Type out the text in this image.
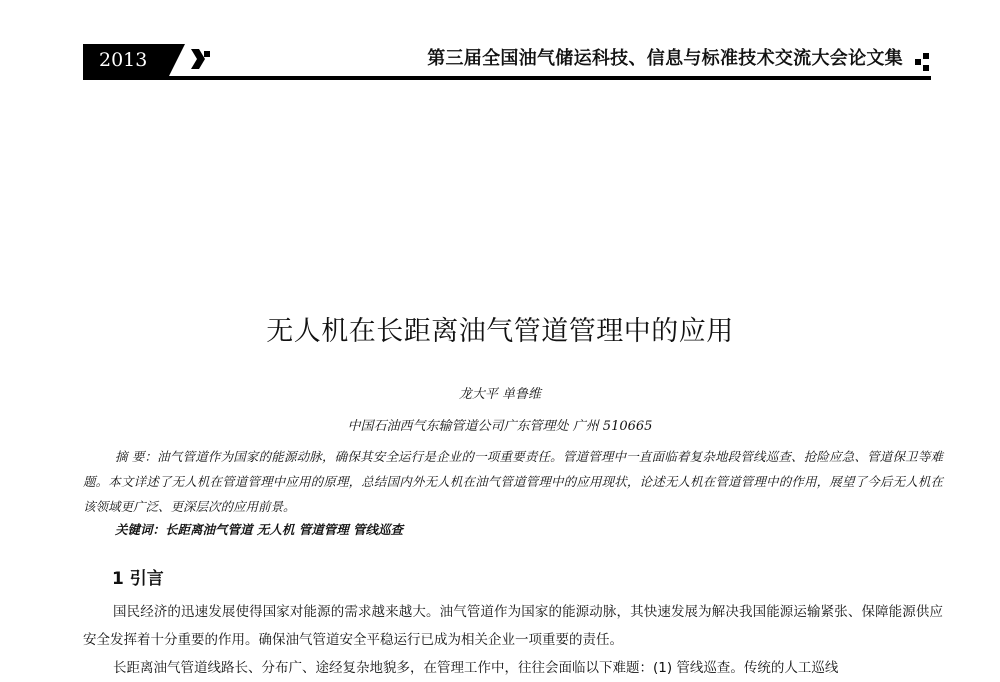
2013	第三届全国油气储运科技、信息与标准技术交流大会论文集
无人机在长距离油气管道管理中的应用
龙大平 单鲁维
中国石油西气东输管道公司广东管理处 广州 510665
摘 要：油气管道作为国家的能源动脉，确保其安全运行是企业的一项重要责任。管道管理中一直面临着复杂地段管线巡查、抢险应急、管道保卫等难题。本文详述了无人机在管道管理中应用的原理，总结国内外无人机在油气管道管理中的应用现状，论述无人机在管道管理中的作用，展望了今后无人机在该领域更广泛、更深层次的应用前景。
关键词：长距离油气管道 无人机 管道管理 管线巡查
1 引言

国民经济的迅速发展使得国家对能源的需求越来越大。油气管道作为国家的能源动脉，其快速发展为解决我国能源运输紧张、保障能源供应安全发挥着十分重要的作用。确保油气管道安全平稳运行已成为相关企业一项重要的责任。

长距离油气管道线路长、分布广、途经复杂地貌多，在管理工作中，往往会面临以下难题：(1) 管线巡查。传统的人工巡线
